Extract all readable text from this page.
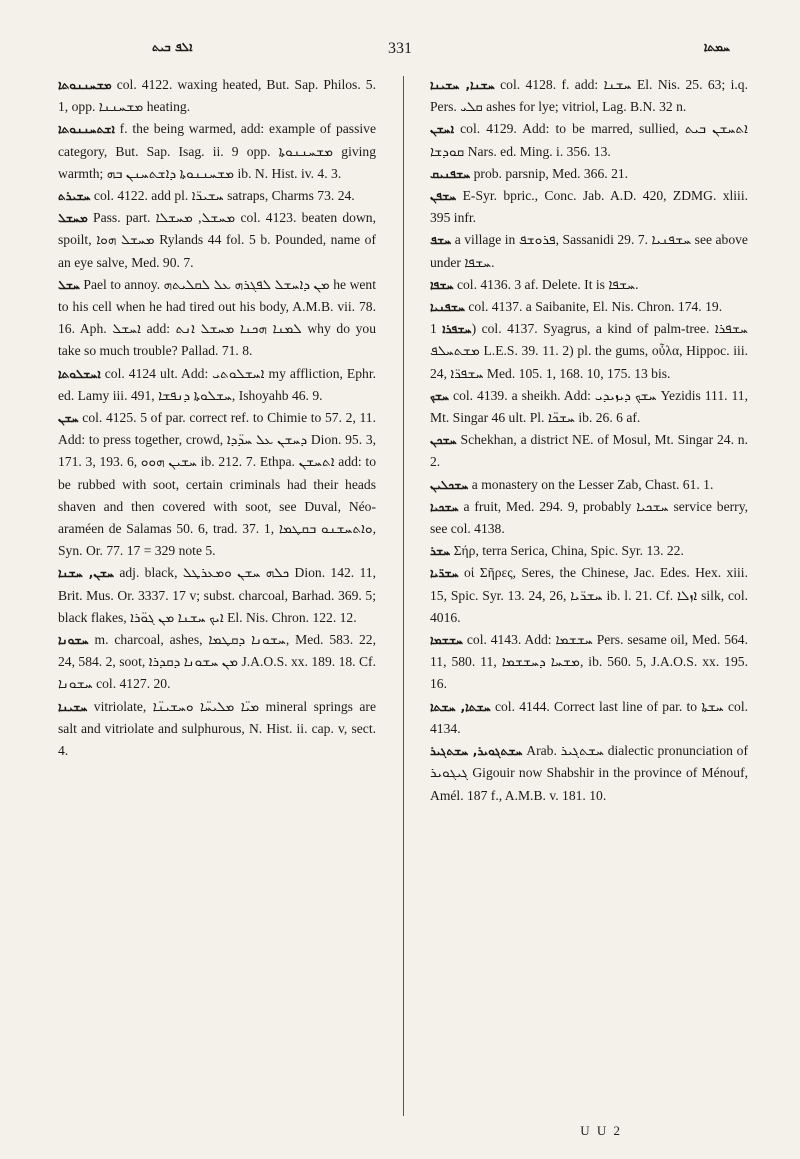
ܐܠܦ ܒܝܬ	331	ܚܡܬܐ

ܡܫܚܢܢܘܬܐ col. 4122. waxing heated, But. Sap. Philos. 5. 1, opp. ܡܫܚܢܢܐ heating.

ܐܫܬܚܢܢܘܬܐ f. the being warmed, add: example of passive category, But. Sap. Isag. ii. 9 opp. ܡܫܚܢܢܘܬܐ giving warmth; ܡܫܚܢܢܘܬܐ ܕܐܫܬܚܢܢ ܒܗ ib. N. Hist. iv. 4. 3.

ܚܫܝܪܬ col. 4122. add pl. ܚܫܝܪ̈ܐ satraps, Charms 73. 24.

ܡܚܫܠ Pass. part. ܡܚܫܠ, ܡܚܫܠܐ col. 4123. beaten down, spoilt, ܡܚܫܠ ܗܘܐ Rylands 44 fol. 5 b. Pounded, name of an eye salve, Med. 90. 7.

ܚܫܠ Pael to annoy. ܡܢ ܕܐܚܫܠ ܠܦܓܪܗ ܥܠ ܠܩܠܝܬܗ he went to his cell when he had tired out his body, A.M.B. vii. 78. 16. Aph. ܐܚܫܠ add: ܠܡܢܐ ܗܟܢܐ ܡܚܫܠ ܐܢܬ why do you take so much trouble? Pallad. 71. 8.

ܐܚܫܠܘܬܐ col. 4124 ult. Add: ܐܚܫܠܘܬܝ my affliction, Ephr. ed. Lamy iii. 491, ܚܫܠܘܬܐ ܕܢܦܫܐ, Ishoyahb 46. 9.

ܚܫܢ col. 4125. 5 of par. correct ref. to Chimie to 57. 2, 11. Add: to press together, crowd, ܕܚܫܢ ܥܠ ܚܕ̈ܕܐ Dion. 95. 3, 171. 3, 193. 6, ܚܫܝܢ ܗܘܘ ib. 212. 7. Ethpa. ܐܬܚܫܢ add: to be rubbed with soot, certain criminals had their heads shaven and then covered with soot, see Duval, Néo-araméen de Salamas 50. 6, trad. 37. 1, ܘܐܬܚܫܢܘ ܒܩܛܡܐ, Syn. Or. 77. 17 = 329 note 5.

ܚܫܢ, ܚܫܢܐ adj. black, ܟܠܗ ܚܫܢ ܘܡܥܪܛܠ Dion. 142. 11, Brit. Mus. Or. 3337. 17 v; subst. charcoal, Barhad. 369. 5; black flakes, ܐܝܟ ܚܫܢܐ ܡܢ ܓܘ̈ܪܐ El. Nis. Chron. 122. 12.

ܚܫܘܢܐ m. charcoal, ashes, ܚܫܘܢܐ ܕܩܛܡܐ, Med. 583. 22, 24, 584. 2, soot, ܡܢ ܚܫܘܢܐ ܕܩܕܪܐ J.A.O.S. xx. 189. 18. Cf. ܚܫܘܢܐ col. 4127. 20.

ܚܫܝܢܐ vitriolate, ܡܝ̈ܐ ܡܠܝܚ̈ܐ ܘܚܫܝܢ̈ܐ mineral springs are salt and vitriolate and sulphurous, N. Hist. ii. cap. v, sect. 4.

ܚܫܢܐ, ܚܫܝܢܐ col. 4128. f. add: ܚܫܢܐ El. Nis. 25. 63; i.q. Pers. ܩܠܝ ashes for lye; vitriol, Lag. B.N. 32 n.

ܐܚܫܢ col. 4129. Add: to be marred, sullied, ܐܬܚܫܢ ܒܝܬ ܩܘܕܫܐ Nars. ed. Ming. i. 356. 13.

ܚܫܦܢܝܩ prob. parsnip, Med. 366. 21.

ܚܫܦܢ E-Syr. bpric., Conc. Jab. A.D. 420, ZDMG. xliii. 395 infr.

ܚܫܦ a village in ܦܪܘܫܦ, Sassanidi 29. 7. ܚܫܦܢܝܐ see above under ܚܫܦܐ.

ܚܫܦܐ col. 4136. 3 af. Delete. It is ܚܫܦܐ.

ܚܫܦܢܝܐ col. 4137. a Saibanite, El. Nis. Chron. 174. 19.

ܚܫܦܪܐ 1) col. 4137. Syagrus, a kind of palm-tree. ܚܫܦܪܐ ܡܫܬܚܠܦ L.E.S. 39. 11. 2) pl. the gums, οὖλα, Hippoc. iii. 24, ܚܫܦܪ̈ܐ Med. 105. 1, 168. 10, 175. 13 bis.

ܚܫܟ col. 4139. a sheikh. Add: ܚܫܟ ܕܝܙܝܕܝ Yezidis 111. 11, Mt. Singar 46 ult. Pl. ܚܫܟ̈ܐ ib. 26. 6 af.

ܚܫܟܢ Schekhan, a district NE. of Mosul, Mt. Singar 24. n. 2.

ܚܫܟܠܝܢ a monastery on the Lesser Zab, Chast. 61. 1.

ܚܫܟܝܐ a fruit, Med. 294. 9, probably ܚܫܟܝܐ service berry, see col. 4138.

ܚܫܪ Σήρ, terra Serica, China, Spic. Syr. 13. 22.

ܚܫܪ̈ܝܐ οἱ Σῆρες, Seres, the Chinese, Jac. Edes. Hex. xiii. 15, Spic. Syr. 13. 24, 26, ܚܫܪ̈ܝܐ ib. l. 21. Cf. ܐܙܠܐ silk, col. 4016.

ܚܫܫܡܐ col. 4143. Add: ܚܫܫܡܐ Pers. sesame oil, Med. 564. 11, 580. 11, ܡܫܚܐ ܕܚܫܫܡܐ, ib. 560. 5, J.A.O.S. xx. 195. 16.

ܚܫܬܐ, ܚܫܬܐ col. 4144. Correct last line of par. to ܚܫܬܐ col. 4134.

ܚܫܬܓܘܝܪ, ܚܫܬܓܝܪ Arab. ܚܫܬܓܝܪ dialectic pronunciation of ܓܝܓܘܝܪ Gigouir now Shabshir in the province of Ménouf, Amél. 187 f., A.M.B. v. 181. 10.

U U 2
